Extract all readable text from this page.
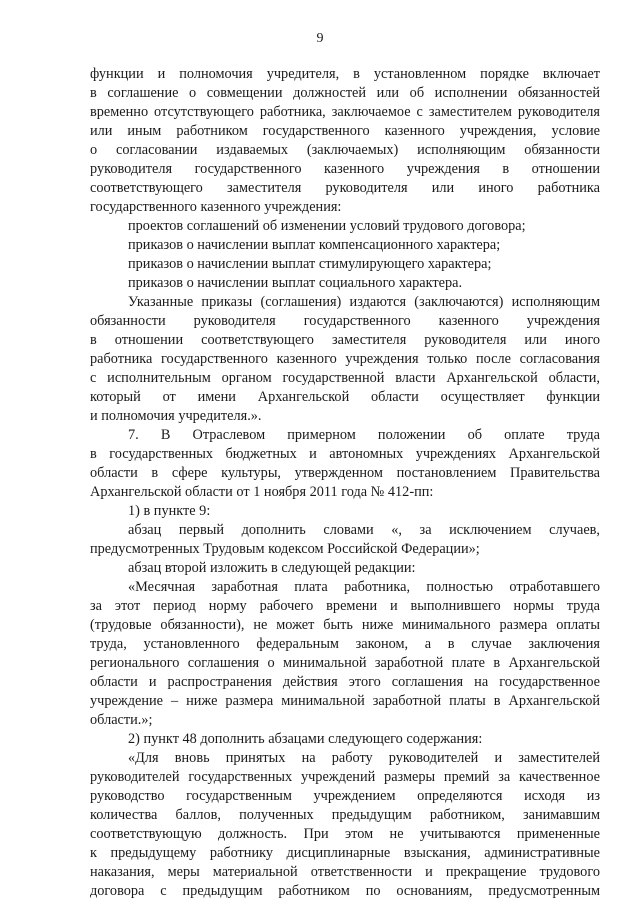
9
функции и полномочия учредителя, в установленном порядке включает
в соглашение о совмещении должностей или об исполнении обязанностей
временно отсутствующего работника, заключаемое с заместителем руководителя
или иным работником государственного казенного учреждения, условие
о согласовании издаваемых (заключаемых) исполняющим обязанности
руководителя государственного казенного учреждения в отношении
соответствующего заместителя руководителя или иного работника
государственного казенного учреждения:
проектов соглашений об изменении условий трудового договора;
приказов о начислении выплат компенсационного характера;
приказов о начислении выплат стимулирующего характера;
приказов о начислении выплат социального характера.
Указанные приказы (соглашения) издаются (заключаются) исполняющим
обязанности руководителя государственного казенного учреждения
в отношении соответствующего заместителя руководителя или иного
работника государственного казенного учреждения только после согласования
с исполнительным органом государственной власти Архангельской области,
который от имени Архангельской области осуществляет функции
и полномочия учредителя.».
7. В Отраслевом примерном положении об оплате труда
в государственных бюджетных и автономных учреждениях Архангельской
области в сфере культуры, утвержденном постановлением Правительства
Архангельской области от 1 ноября 2011 года № 412-пп:
1) в пункте 9:
абзац первый дополнить словами «, за исключением случаев,
предусмотренных Трудовым кодексом Российской Федерации»;
абзац второй изложить в следующей редакции:
«Месячная заработная плата работника, полностью отработавшего
за этот период норму рабочего времени и выполнившего нормы труда
(трудовые обязанности), не может быть ниже минимального размера оплаты
труда, установленного федеральным законом, а в случае заключения
регионального соглашения о минимальной заработной плате в Архангельской
области и распространения действия этого соглашения на государственное
учреждение – ниже размера минимальной заработной платы в Архангельской
области.»;
2) пункт 48 дополнить абзацами следующего содержания:
«Для вновь принятых на работу руководителей и заместителей
руководителей государственных учреждений размеры премий за качественное
руководство государственным учреждением определяются исходя из
количества баллов, полученных предыдущим работником, занимавшим
соответствующую должность. При этом не учитываются примененные
к предыдущему работнику дисциплинарные взыскания, административные
наказания, меры материальной ответственности и прекращение трудового
договора с предыдущим работником по основаниям, предусмотренным
